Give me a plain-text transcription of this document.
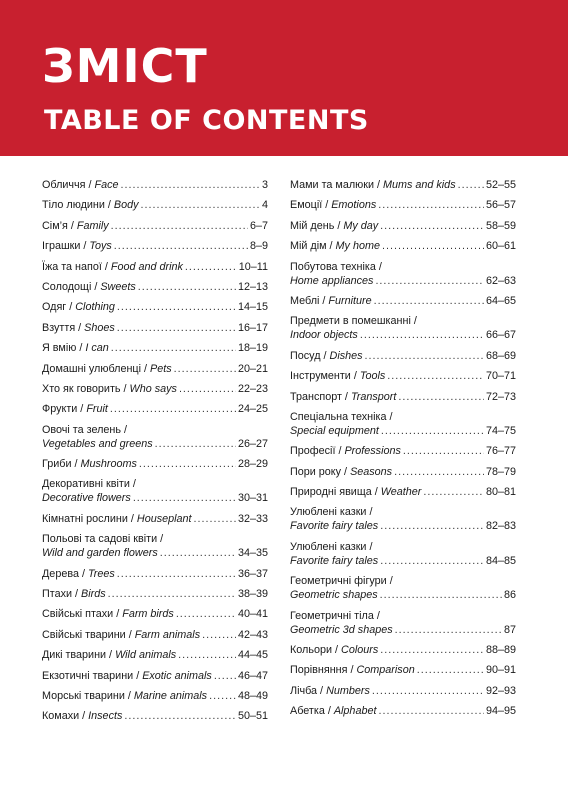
ЗМІСТ
TABLE OF CONTENTS
Обличчя / Face .....	3
Тіло людини / Body .....	4
Сім’я / Family .....	6–7
Іграшки / Toys .....	8–9
Їжа та напої / Food and drink .....	10–11
Солодощі / Sweets .....	12–13
Одяг / Clothing .....	14–15
Взуття / Shoes .....	16–17
Я вмію / I can .....	18–19
Домашні улюбленці / Pets .....	20–21
Хто як говорить / Who says .....	22–23
Фрукти / Fruit .....	24–25
Овочі та зелень /
Vegetables and greens .....	26–27
Гриби / Mushrooms .....	28–29
Декоративні квіти /
Decorative flowers .....	30–31
Кімнатні рослини / Houseplant .....	32–33
Польові та садові квіти /
Wild and garden flowers .....	34–35
Дерева / Trees .....	36–37
Птахи / Birds .....	38–39
Свійські птахи / Farm birds .....	40–41
Свійські тварини / Farm animals .....	42–43
Дикі тварини / Wild animals .....	44–45
Екзотичні тварини / Exotic animals ..... 46–47
Морські тварини / Marine animals .....	48–49
Комахи / Insects .....	50–51
Мами та малюки / Mums and kids .....	52–55
Емоції / Emotions .....	56–57
Мій день / My day .....	58–59
Мій дім / My home .....	60–61
Побутова техніка /
Home appliances .....	62–63
Меблі / Furniture .....	64–65
Предмети в помешканні /
Indoor objects .....	66–67
Посуд / Dishes .....	68–69
Інструменти / Tools .....	70–71
Транспорт / Transport .....	72–73
Спеціальна техніка /
Special equipment .....	74–75
Професії / Professions .....	76–77
Пори року / Seasons .....	78–79
Природні явища / Weather .....	80–81
Улюблені казки /
Favorite fairy tales .....	82–83
Улюблені казки /
Favorite fairy tales .....	84–85
Геометричні фігури /
Geometric shapes .....	86
Геометричні тіла /
Geometric 3d shapes .....	87
Кольори / Colours .....	88–89
Порівняння / Comparison .....	90–91
Лічба / Numbers .....	92–93
Абетка / Alphabet .....	94–95
